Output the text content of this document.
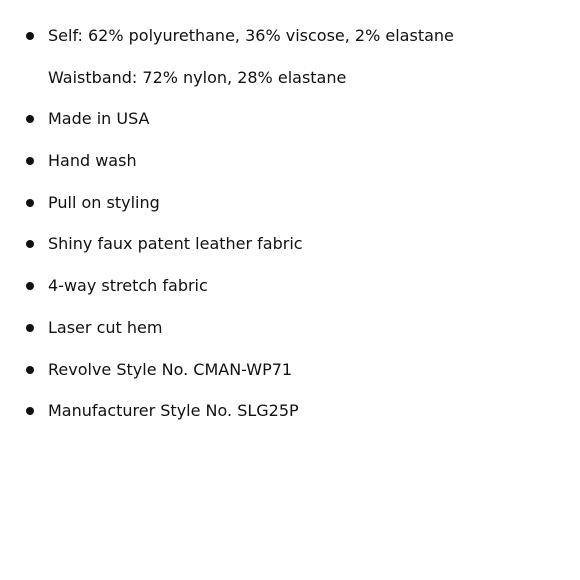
Self: 62% polyurethane, 36% viscose, 2% elastane
Waistband: 72% nylon, 28% elastane
Made in USA
Hand wash
Pull on styling
Shiny faux patent leather fabric
4-way stretch fabric
Laser cut hem
Revolve Style No. CMAN-WP71
Manufacturer Style No. SLG25P
